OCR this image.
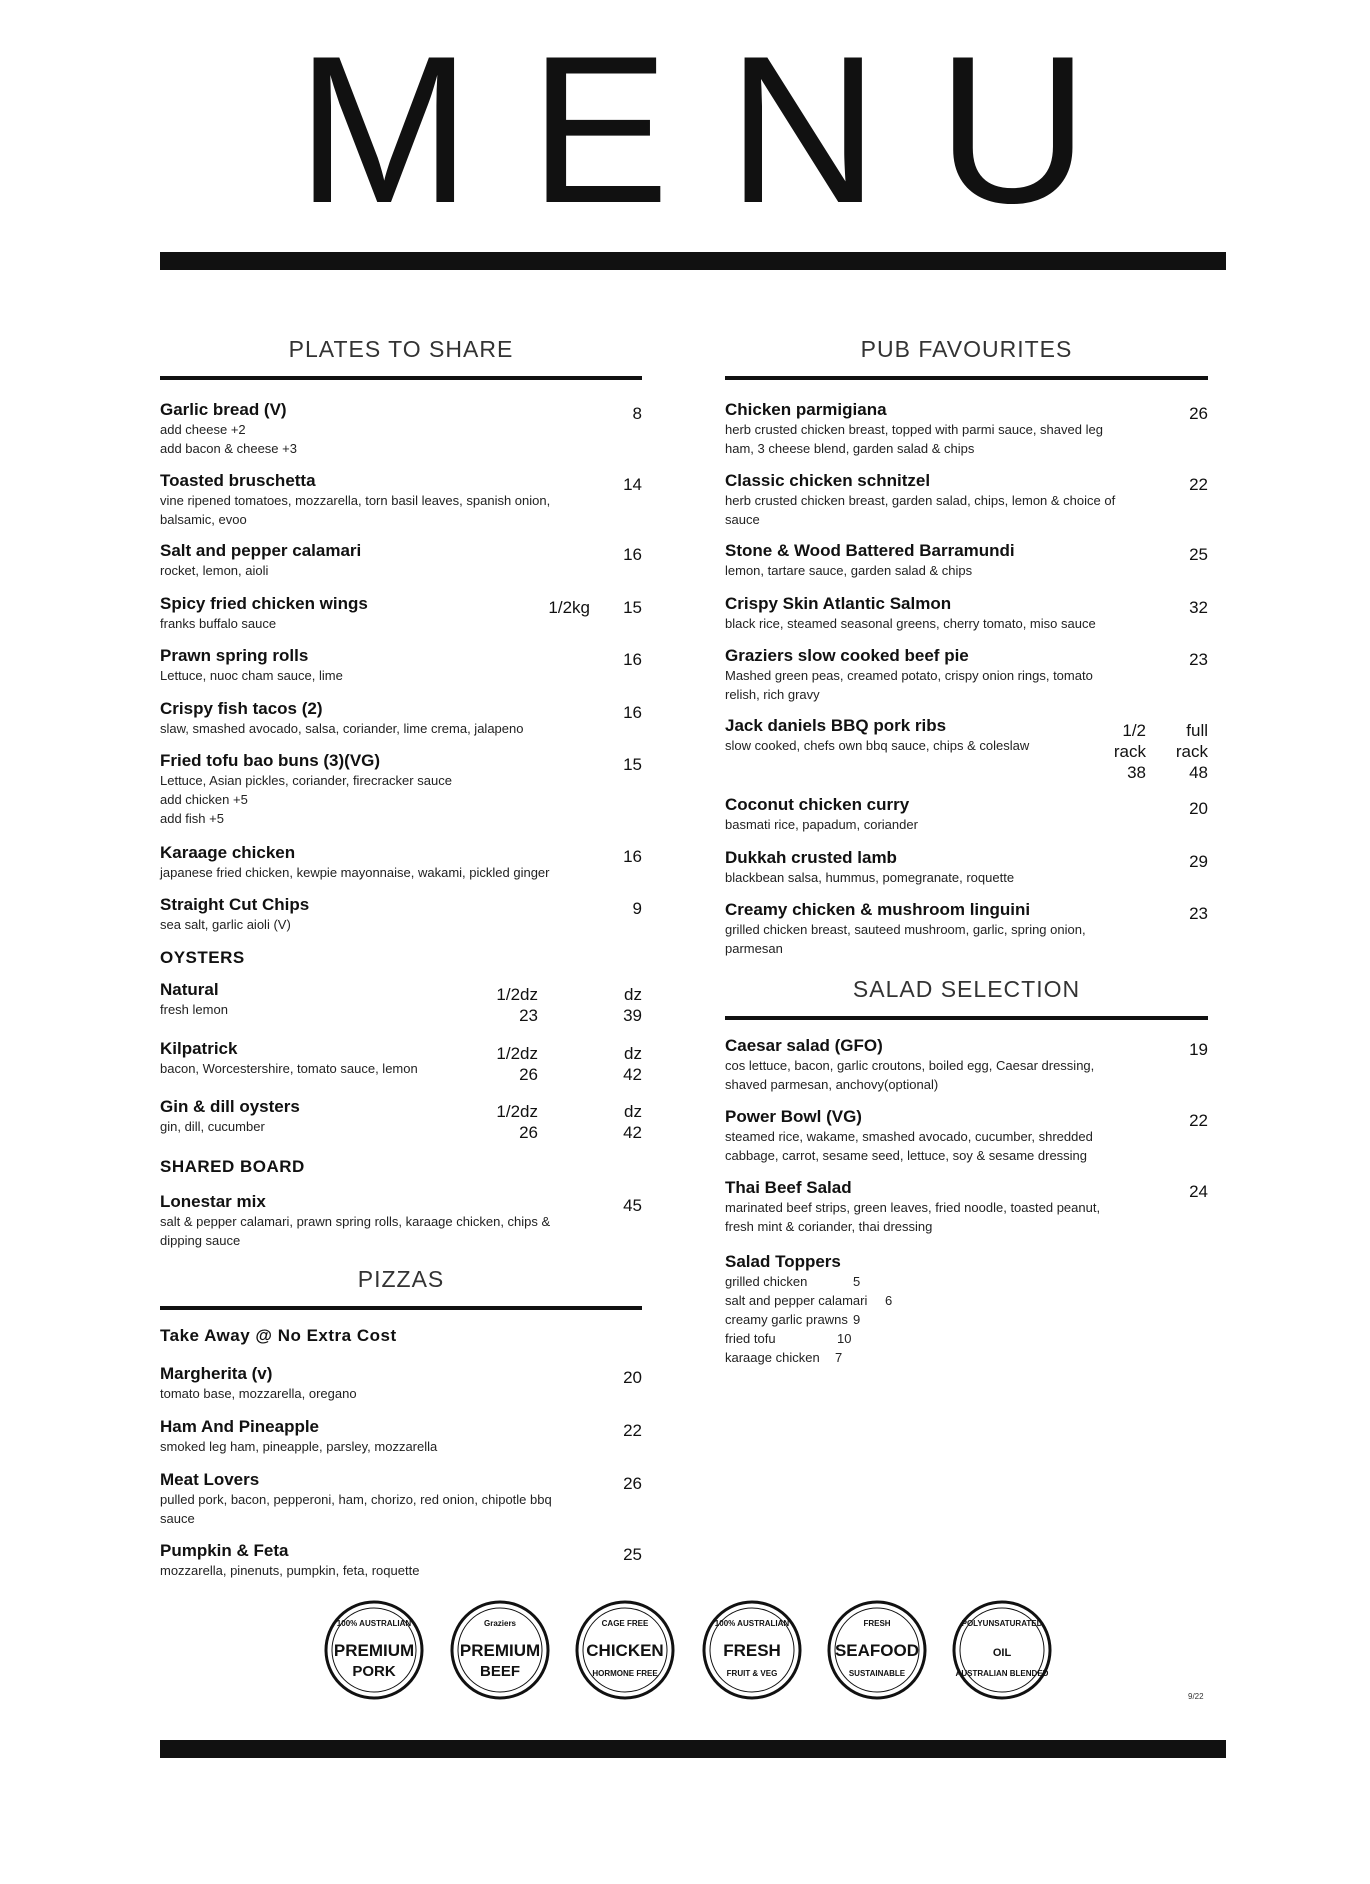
MENU
PLATES TO SHARE
Garlic bread (V)
add cheese +2
add bacon & cheese +3
8
Toasted bruschetta
vine ripened tomatoes, mozzarella, torn basil leaves, spanish onion,
balsamic, evoo
14
Salt and pepper calamari
rocket, lemon, aioli
16
Spicy fried chicken wings
franks buffalo sauce
1/2kg 15
Prawn spring rolls
Lettuce, nuoc cham sauce, lime
16
Crispy fish tacos (2)
slaw, smashed avocado, salsa, coriander, lime crema, jalapeno
16
Fried tofu bao buns (3)(VG)
Lettuce, Asian pickles, coriander, firecracker sauce
add chicken +5
add fish +5
15
Karaage chicken
japanese fried chicken, kewpie mayonnaise, wakami, pickled ginger
16
Straight Cut Chips
sea salt, garlic aioli (V)
9
OYSTERS
Natural
fresh lemon
1/2dz
23
dz
39
Kilpatrick
bacon, Worcestershire, tomato sauce, lemon
1/2dz
26
dz
42
Gin & dill oysters
gin, dill, cucumber
1/2dz
26
dz
42
SHARED BOARD
Lonestar mix
salt & pepper calamari, prawn spring rolls, karaage chicken, chips &
dipping sauce
45
PIZZAS
Take Away @ No Extra Cost
Margherita (v)
tomato base, mozzarella, oregano
20
Ham And Pineapple
smoked leg ham, pineapple, parsley, mozzarella
22
Meat Lovers
pulled pork, bacon, pepperoni, ham, chorizo, red onion, chipotle bbq
sauce
26
Pumpkin & Feta
mozzarella, pinenuts, pumpkin, feta, roquette
25
PUB FAVOURITES
Chicken parmigiana
herb crusted chicken breast, topped with parmi sauce, shaved leg
ham, 3 cheese blend, garden salad & chips
26
Classic chicken schnitzel
herb crusted chicken breast, garden salad, chips, lemon & choice of
sauce
22
Stone & Wood Battered Barramundi
lemon, tartare sauce, garden salad & chips
25
Crispy Skin Atlantic Salmon
black rice, steamed seasonal greens, cherry tomato, miso sauce
32
Graziers slow cooked beef pie
Mashed green peas, creamed potato, crispy onion rings, tomato
relish, rich gravy
23
Jack daniels BBQ pork ribs
slow cooked, chefs own bbq sauce, chips & coleslaw
1/2
rack
38
full
rack
48
Coconut chicken curry
basmati rice, papadum, coriander
20
Dukkah crusted lamb
blackbean salsa, hummus, pomegranate, roquette
29
Creamy chicken & mushroom linguini
grilled chicken breast, sauteed mushroom, garlic, spring onion,
parmesan
23
SALAD SELECTION
Caesar salad (GFO)
cos lettuce, bacon, garlic croutons, boiled egg, Caesar dressing,
shaved parmesan, anchovy(optional)
19
Power Bowl (VG)
steamed rice, wakame, smashed avocado, cucumber, shredded
cabbage, carrot, sesame seed, lettuce, soy & sesame dressing
22
Thai Beef Salad
marinated beef strips, green leaves, fried noodle, toasted peanut,
fresh mint & coriander, thai dressing
24
Salad Toppers
grilled chicken	5
salt and pepper calamari 6
creamy garlic prawns 9
fried tofu	10
karaage chicken 7
100% AUSTRALIAN
PREMIUM
PORK
Graziers
PREMIUM
BEEF
CAGE FREE
CHICKEN
HORMONE FREE
100% AUSTRALIAN
FRESH
FRUIT & VEG
FRESH
SEAFOOD
SUSTAINABLE
POLYUNSATURATED
OIL
AUSTRALIAN BLENDED
9/22
